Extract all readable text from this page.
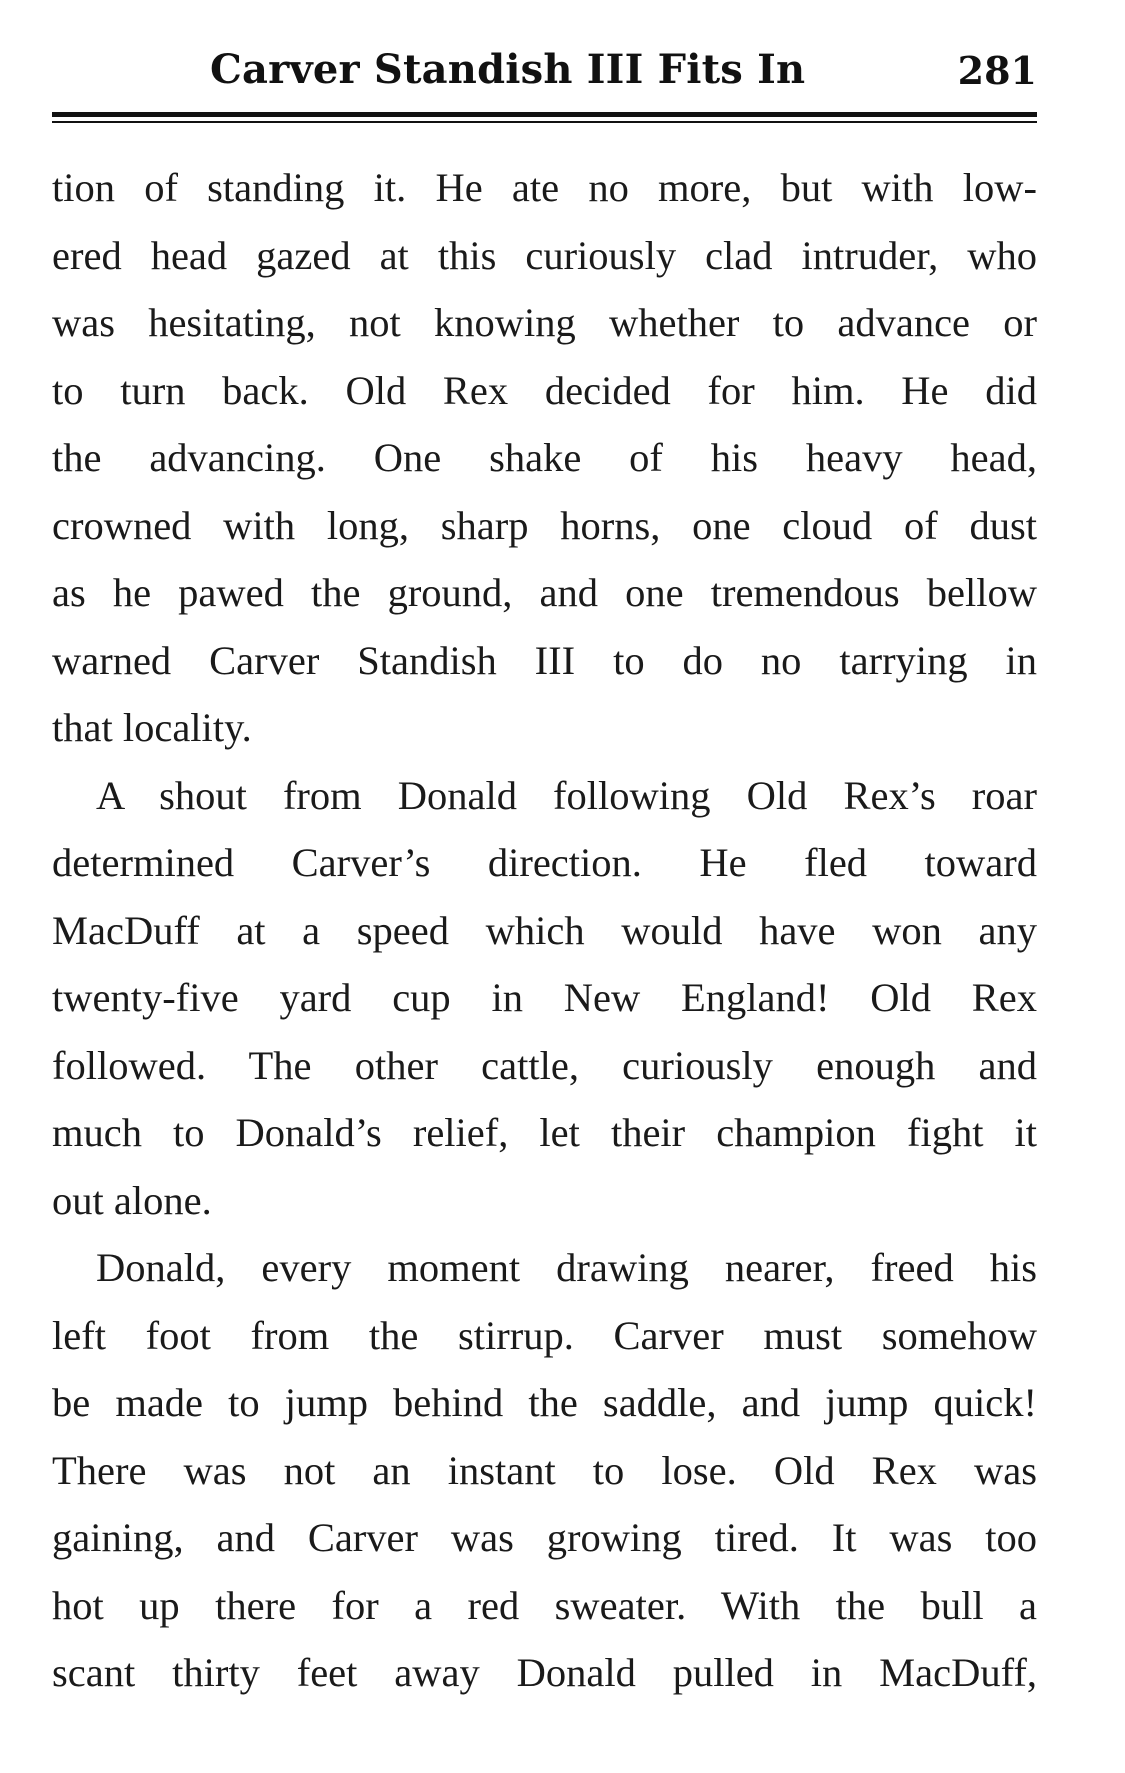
Carver Standish III Fits In	281
tion of standing it. He ate no more, but with low-
ered head gazed at this curiously clad intruder, who
was hesitating, not knowing whether to advance or
to turn back. Old Rex decided for him. He did
the advancing. One shake of his heavy head,
crowned with long, sharp horns, one cloud of dust
as he pawed the ground, and one tremendous bellow
warned Carver Standish III to do no tarrying in
that locality.
A shout from Donald following Old Rex’s roar
determined Carver’s direction. He fled toward
MacDuff at a speed which would have won any
twenty-five yard cup in New England! Old Rex
followed. The other cattle, curiously enough and
much to Donald’s relief, let their champion fight it
out alone.
Donald, every moment drawing nearer, freed his
left foot from the stirrup. Carver must somehow
be made to jump behind the saddle, and jump quick!
There was not an instant to lose. Old Rex was
gaining, and Carver was growing tired. It was too
hot up there for a red sweater. With the bull a
scant thirty feet away Donald pulled in MacDuff,
